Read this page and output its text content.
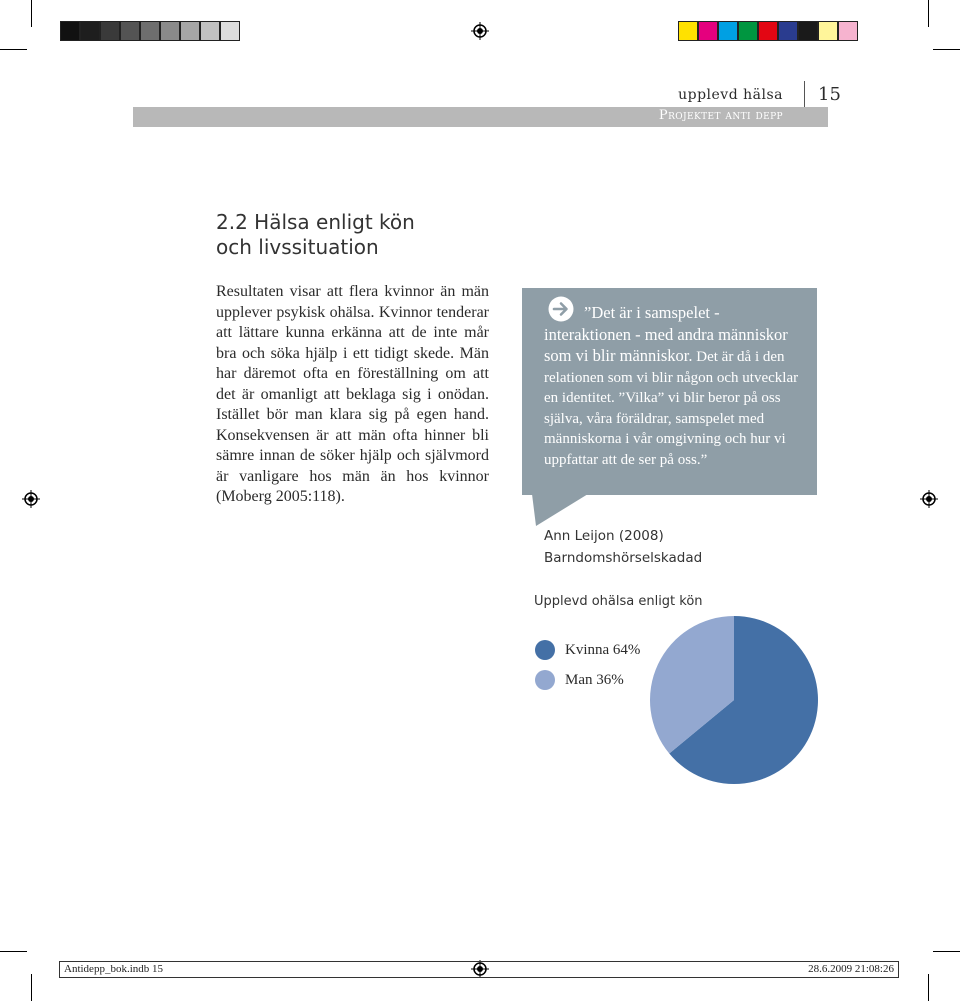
upplevd hälsa 15
Projektet anti depp
2.2 Hälsa enligt kön
och livssituation
Resultaten visar att flera kvinnor än män upplever psykisk ohälsa. Kvinnor tenderar att lättare kunna erkänna att de inte mår bra och söka hjälp i ett tidigt skede. Män har däremot ofta en föreställning om att det är omanligt att beklaga sig i onödan. Istället bör man klara sig på egen hand. Konsekvensen är att män ofta hinner bli sämre innan de söker hjälp och självmord är vanligare hos män än hos kvinnor (Moberg 2005:118).
”Det är i samspelet - interaktionen - med andra människor som vi blir människor. Det är då i den relationen som vi blir någon och utvecklar en identitet. ”Vilka” vi blir beror på oss själva, våra föräldrar, samspelet med människorna i vår omgivning och hur vi uppfattar att de ser på oss.”
Ann Leijon (2008)
Barndomshörselskadad
Upplevd ohälsa enligt kön
Kvinna 64%
Man 36%
Antidepp_bok.indb 15	28.6.2009 21:08:26
